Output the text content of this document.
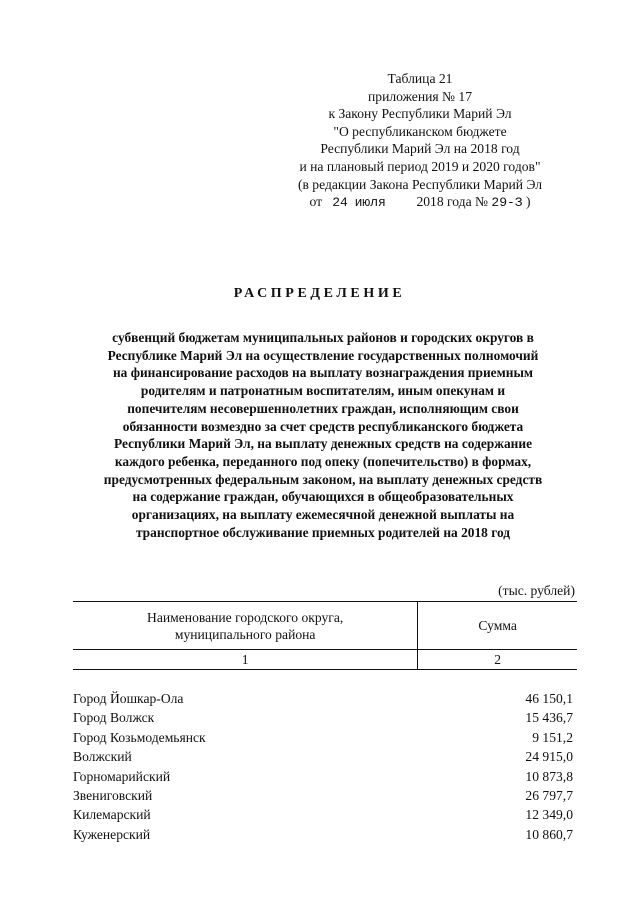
Таблица 21
приложения № 17
к Закону Республики Марий Эл
"О республиканском бюджете
Республики Марий Эл на 2018 год
и на плановый период 2019 и 2020 годов"
(в редакции Закона Республики Марий Эл
от 24 июля 2018 года № 29-З )
РАСПРЕДЕЛЕНИЕ
субвенций бюджетам муниципальных районов и городских округов в
Республике Марий Эл на осуществление государственных полномочий
на финансирование расходов на выплату вознаграждения приемным
родителям и патронатным воспитателям, иным опекунам и
попечителям несовершеннолетних граждан, исполняющим свои
обязанности возмездно за счет средств республиканского бюджета
Республики Марий Эл, на выплату денежных средств на содержание
каждого ребенка, переданного под опеку (попечительство) в формах,
предусмотренных федеральным законом, на выплату денежных средств
на содержание граждан, обучающихся в общеобразовательных
организациях, на выплату ежемесячной денежной выплаты на
транспортное обслуживание приемных родителей на 2018 год
(тыс. рублей)
Наименование городского округа,
муниципального района	Сумма
1	2
Город Йошкар-Ола	46 150,1
Город Волжск	15 436,7
Город Козьмодемьянск	9 151,2
Волжский	24 915,0
Горномарийский	10 873,8
Звениговский	26 797,7
Килемарский	12 349,0
Куженерский	10 860,7
